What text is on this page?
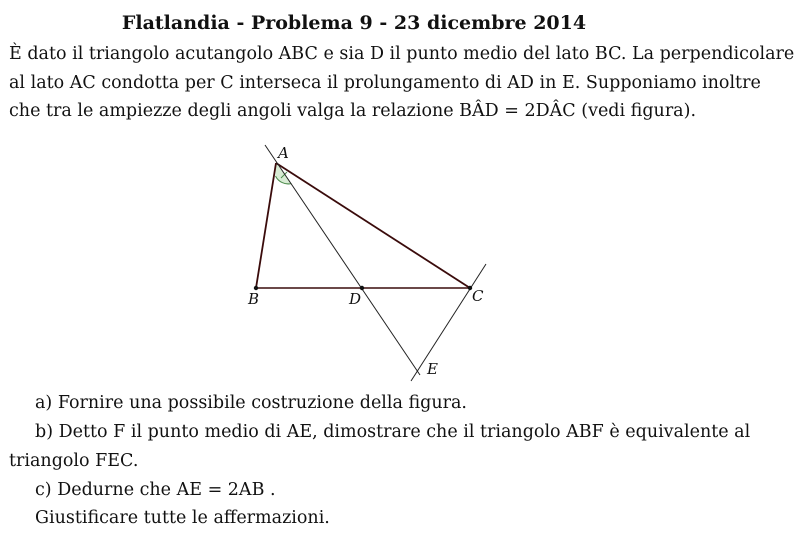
Flatlandia - Problema 9 - 23 dicembre 2014
È dato il triangolo acutangolo ABC e sia D il punto medio del lato BC. La perpendicolare
al lato AC condotta per C interseca il prolungamento di AD in E. Supponiamo inoltre
che tra le ampiezze degli angoli valga la relazione BÂD = 2DÂC (vedi figura).
A
B	D	C
E
a) Fornire una possibile costruzione della figura.
b) Detto F il punto medio di AE, dimostrare che il triangolo ABF è equivalente al
triangolo FEC.
c) Dedurne che AE = 2AB .
Giustificare tutte le affermazioni.
